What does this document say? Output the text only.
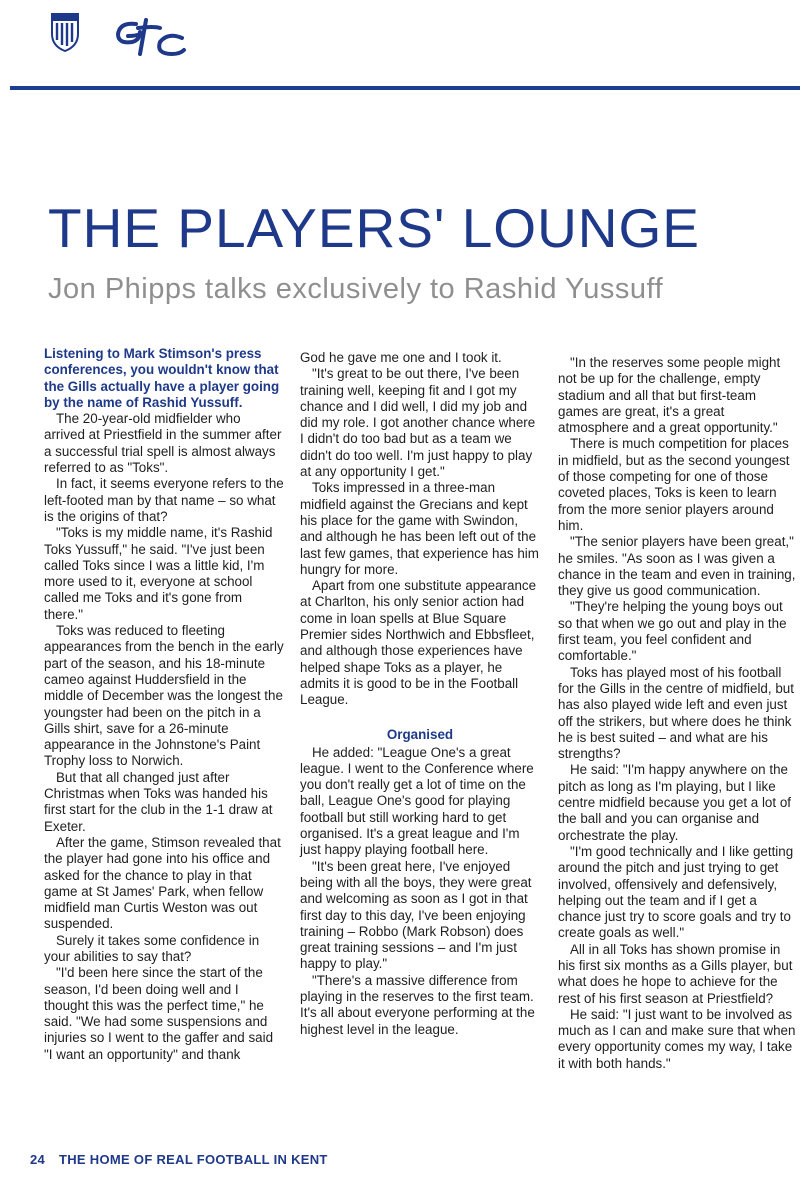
THE PLAYERS' LOUNGE
Jon Phipps talks exclusively to Rashid Yussuff

Listening to Mark Stimson's press conferences, you wouldn't know that the Gills actually have a player going by the name of Rashid Yussuff.

The 20-year-old midfielder who arrived at Priestfield in the summer after a successful trial spell is almost always referred to as "Toks".

In fact, it seems everyone refers to the left-footed man by that name – so what is the origins of that?

"Toks is my middle name, it's Rashid Toks Yussuff," he said. "I've just been called Toks since I was a little kid, I'm more used to it, everyone at school called me Toks and it's gone from there."

Toks was reduced to fleeting appearances from the bench in the early part of the season, and his 18-minute cameo against Huddersfield in the middle of December was the longest the youngster had been on the pitch in a Gills shirt, save for a 26-minute appearance in the Johnstone's Paint Trophy loss to Norwich.

But that all changed just after Christmas when Toks was handed his first start for the club in the 1-1 draw at Exeter.

After the game, Stimson revealed that the player had gone into his office and asked for the chance to play in that game at St James' Park, when fellow midfield man Curtis Weston was out suspended.

Surely it takes some confidence in your abilities to say that?

"I'd been here since the start of the season, I'd been doing well and I thought this was the perfect time," he said. "We had some suspensions and injuries so I went to the gaffer and said "I want an opportunity" and thank

God he gave me one and I took it.

"It's great to be out there, I've been training well, keeping fit and I got my chance and I did well, I did my job and did my role. I got another chance where I didn't do too bad but as a team we didn't do too well. I'm just happy to play at any opportunity I get."

Toks impressed in a three-man midfield against the Grecians and kept his place for the game with Swindon, and although he has been left out of the last few games, that experience has him hungry for more.

Apart from one substitute appearance at Charlton, his only senior action had come in loan spells at Blue Square Premier sides Northwich and Ebbsfleet, and although those experiences have helped shape Toks as a player, he admits it is good to be in the Football League.

Organised

He added: "League One's a great league. I went to the Conference where you don't really get a lot of time on the ball, League One's good for playing football but still working hard to get organised. It's a great league and I'm just happy playing football here.

"It's been great here, I've enjoyed being with all the boys, they were great and welcoming as soon as I got in that first day to this day, I've been enjoying training – Robbo (Mark Robson) does great training sessions – and I'm just happy to play."

"There's a massive difference from playing in the reserves to the first team. It's all about everyone performing at the highest level in the league.

"In the reserves some people might not be up for the challenge, empty stadium and all that but first-team games are great, it's a great atmosphere and a great opportunity."

There is much competition for places in midfield, but as the second youngest of those competing for one of those coveted places, Toks is keen to learn from the more senior players around him.

"The senior players have been great," he smiles. "As soon as I was given a chance in the team and even in training, they give us good communication.

"They're helping the young boys out so that when we go out and play in the first team, you feel confident and comfortable."

Toks has played most of his football for the Gills in the centre of midfield, but has also played wide left and even just off the strikers, but where does he think he is best suited – and what are his strengths?

He said: "I'm happy anywhere on the pitch as long as I'm playing, but I like centre midfield because you get a lot of the ball and you can organise and orchestrate the play.

"I'm good technically and I like getting around the pitch and just trying to get involved, offensively and defensively, helping out the team and if I get a chance just try to score goals and try to create goals as well."

All in all Toks has shown promise in his first six months as a Gills player, but what does he hope to achieve for the rest of his first season at Priestfield?

He said: "I just want to be involved as much as I can and make sure that when every opportunity comes my way, I take it with both hands."

24 THE HOME OF REAL FOOTBALL IN KENT
